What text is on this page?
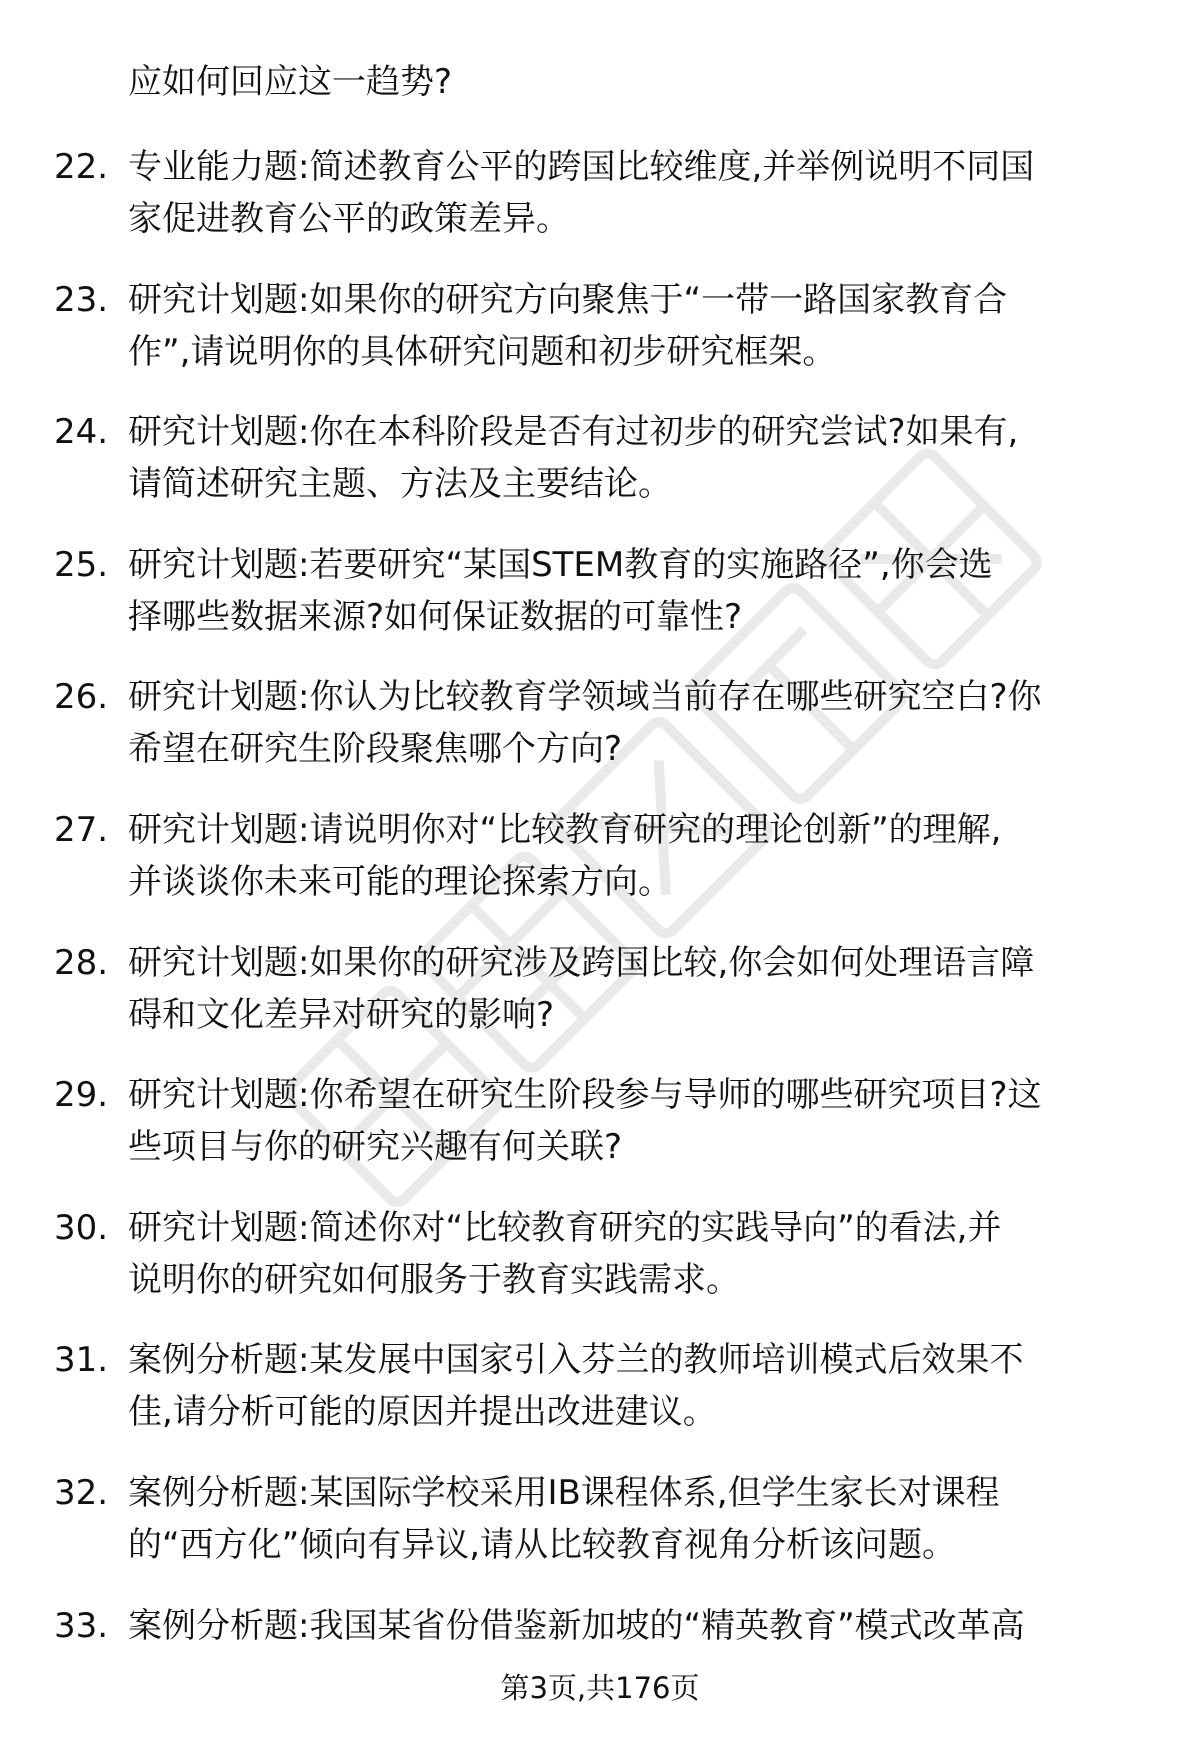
应如何回应这一趋势?
22. 专业能力题:简述教育公平的跨国比较维度,并举例说明不同国
家促进教育公平的政策差异。
23. 研究计划题:如果你的研究方向聚焦于“一带一路国家教育合
作”,请说明你的具体研究问题和初步研究框架。
24. 研究计划题:你在本科阶段是否有过初步的研究尝试?如果有,
请简述研究主题、方法及主要结论。
25. 研究计划题:若要研究“某国STEM教育的实施路径”,你会选
择哪些数据来源?如何保证数据的可靠性?
26. 研究计划题:你认为比较教育学领域当前存在哪些研究空白?你
希望在研究生阶段聚焦哪个方向?
27. 研究计划题:请说明你对“比较教育研究的理论创新”的理解,
并谈谈你未来可能的理论探索方向。
28. 研究计划题:如果你的研究涉及跨国比较,你会如何处理语言障
碍和文化差异对研究的影响?
29. 研究计划题:你希望在研究生阶段参与导师的哪些研究项目?这
些项目与你的研究兴趣有何关联?
30. 研究计划题:简述你对“比较教育研究的实践导向”的看法,并
说明你的研究如何服务于教育实践需求。
31. 案例分析题:某发展中国家引入芬兰的教师培训模式后效果不
佳,请分析可能的原因并提出改进建议。
32. 案例分析题:某国际学校采用IB课程体系,但学生家长对课程
的“西方化”倾向有异议,请从比较教育视角分析该问题。
33. 案例分析题:我国某省份借鉴新加坡的“精英教育”模式改革高
第3页,共176页
